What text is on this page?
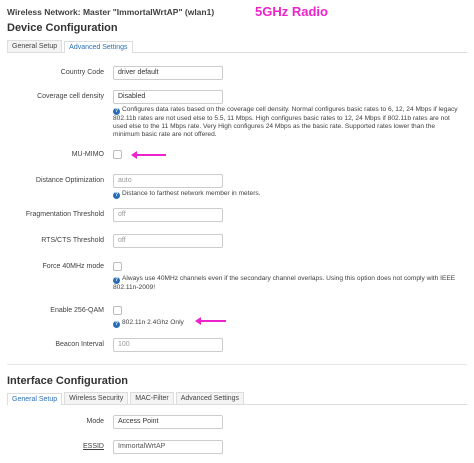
Wireless Network: Master "ImmortalWrtAP" (wlan1)	5GHz Radio
Device Configuration
General Setup	Advanced Settings
Country Code	driver default
Coverage cell density	Disabled
? Configures data rates based on the coverage cell density. Normal configures basic rates to 6, 12, 24 Mbps if legacy 802.11b rates are not used else to 5.5, 11 Mbps. High configures basic rates to 12, 24 Mbps if 802.11b rates are not used else to the 11 Mbps rate. Very High configures 24 Mbps as the basic rate. Supported rates lower than the minimum basic rate are not offered.
MU-MIMO
Distance Optimization	auto
? Distance to farthest network member in meters.
Fragmentation Threshold	off
RTS/CTS Threshold	off
Force 40MHz mode
? Always use 40MHz channels even if the secondary channel overlaps. Using this option does not comply with IEEE 802.11n-2009!
Enable 256-QAM
? 802.11n 2.4Ghz Only
Beacon Interval	100
Interface Configuration
General Setup	Wireless Security	MAC-Filter	Advanced Settings
Mode	Access Point
ESSID	ImmortalWrtAP
